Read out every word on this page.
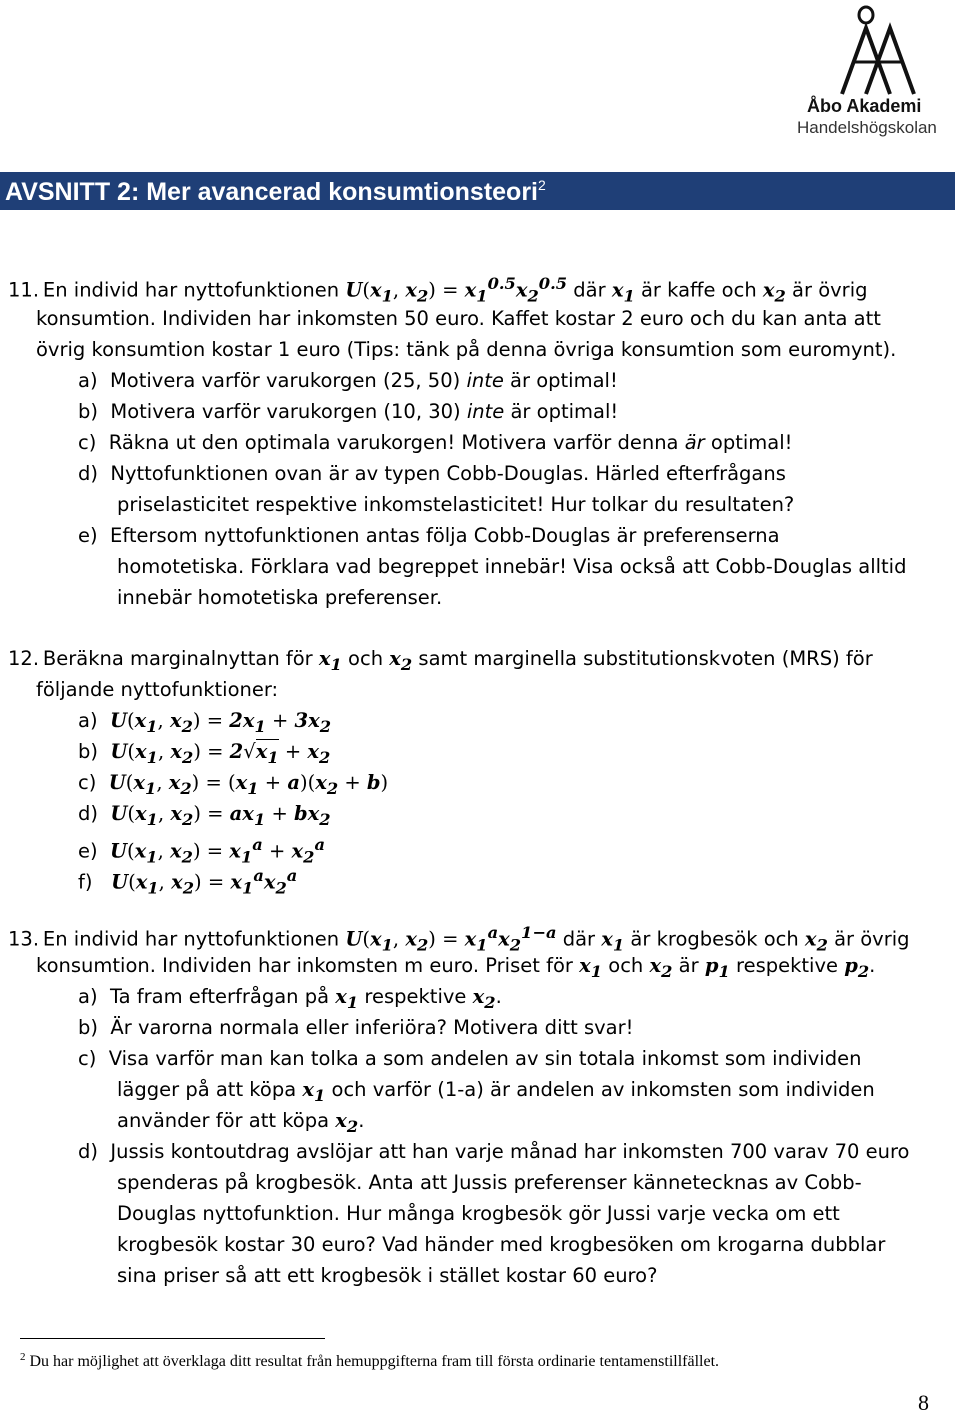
Åbo Akademi
Handelshögskolan
AVSNITT 2: Mer avancerad konsumtionsteori$^2$
11. En individ har nyttofunktionen $U(x_1$, $x_2) = x_1^{0.5}x_2^{0.5}$ där $x_1$ är kaffe och $x_2$ är övrig
konsumtion. Individen har inkomsten 50 euro. Kaffet kostar 2 euro och du kan anta att
övrig konsumtion kostar 1 euro (Tips: tänk på denna övriga konsumtion som euromynt).
a)  Motivera varför varukorgen (25, 50) inte är optimal!
b)  Motivera varför varukorgen (10, 30) inte är optimal!
c)  Räkna ut den optimala varukorgen! Motivera varför denna är optimal!
d)  Nyttofunktionen ovan är av typen Cobb-Douglas. Härled efterfrågans
priselasticitet respektive inkomstelasticitet! Hur tolkar du resultaten?
e)  Eftersom nyttofunktionen antas följa Cobb-Douglas är preferenserna
homotetiska. Förklara vad begreppet innebär! Visa också att Cobb-Douglas alltid
innebär homotetiska preferenser.
12. Beräkna marginalnyttan för $x_1$ och $x_2$ samt marginella substitutionskvoten (MRS) för
följande nyttofunktioner:
a)  $U(x_1$, $x_2) = 2x_1 + 3x_2$
b)  $U(x_1$, $x_2) = 2√x_1 + x_2$
c)  $U(x_1$, $x_2) = (x_1 + a)(x_2 + b)$
d)  $U(x_1$, $x_2) = ax_1 + bx_2$
e)  $U(x_1$, $x_2) = x_1^a + x_2^a$
f)   $U(x_1$, $x_2) = x_1^ax_2^a$
13. En individ har nyttofunktionen $U(x_1$, $x_2) = x_1^ax_2^{1-a}$ där $x_1$ är krogbesök och $x_2$ är övrig
konsumtion. Individen har inkomsten m euro. Priset för $x_1$ och $x_2$ är $p_1$ respektive $p_2$.
a)  Ta fram efterfrågan på $x_1$ respektive $x_2$.
b)  Är varorna normala eller inferiöra? Motivera ditt svar!
c)  Visa varför man kan tolka a som andelen av sin totala inkomst som individen
lägger på att köpa $x_1$ och varför (1-a) är andelen av inkomsten som individen
använder för att köpa $x_2$.
d)  Jussis kontoutdrag avslöjar att han varje månad har inkomsten 700 varav 70 euro
spenderas på krogbesök. Anta att Jussis preferenser kännetecknas av Cobb-
Douglas nyttofunktion. Hur många krogbesök gör Jussi varje vecka om ett
krogbesök kostar 30 euro? Vad händer med krogbesöken om krogarna dubblar
sina priser så att ett krogbesök i stället kostar 60 euro?
$^2$ Du har möjlighet att överklaga ditt resultat från hemuppgifterna fram till första ordinarie tentamenstillfället.
8
